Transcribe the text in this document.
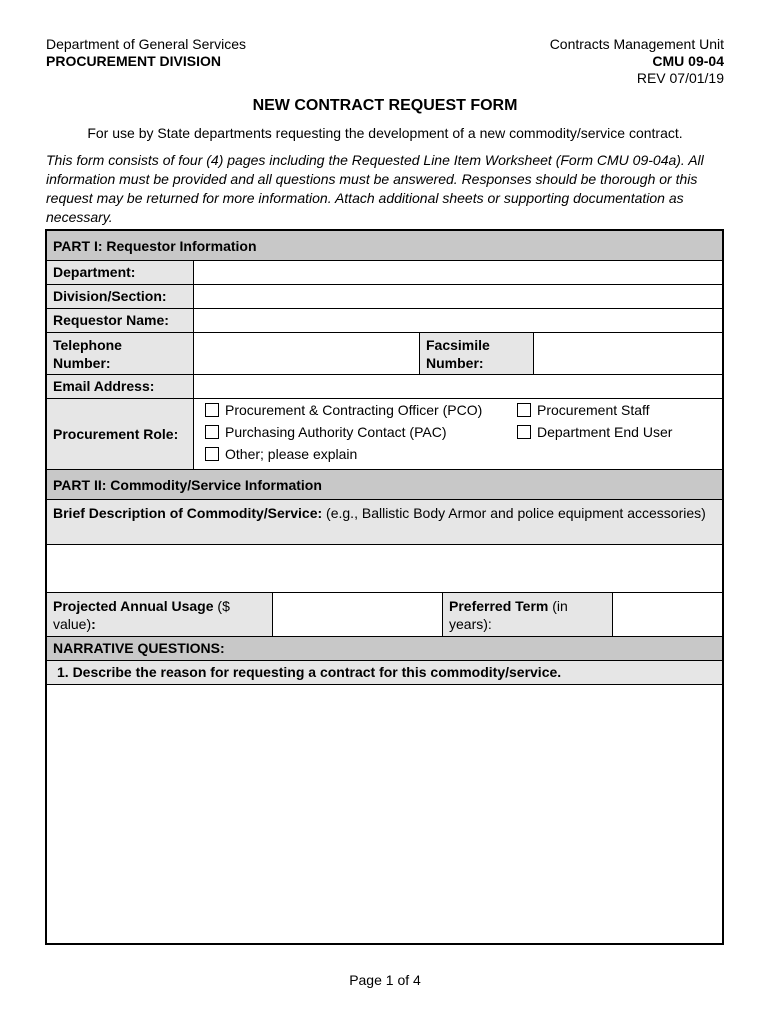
Department of General Services
PROCUREMENT DIVISION
Contracts Management Unit
CMU 09-04
REV 07/01/19
NEW CONTRACT REQUEST FORM
For use by State departments requesting the development of a new commodity/service contract.
This form consists of four (4) pages including the Requested Line Item Worksheet (Form CMU 09-04a). All information must be provided and all questions must be answered. Responses should be thorough or this request may be returned for more information. Attach additional sheets or supporting documentation as necessary.
PART I: Requestor Information
Department:
Division/Section:
Requestor Name:
Telephone
Number:
Facsimile
Number:
Email Address:
Procurement Role:
Procurement & Contracting Officer (PCO)	Procurement Staff
Purchasing Authority Contact (PAC)	Department End User
Other; please explain
PART II: Commodity/Service Information
Brief Description of Commodity/Service: (e.g., Ballistic Body Armor and police equipment accessories)
Projected Annual Usage ($
value):
Preferred Term (in
years):
NARRATIVE QUESTIONS:
1. Describe the reason for requesting a contract for this commodity/service.
Page 1 of 4
